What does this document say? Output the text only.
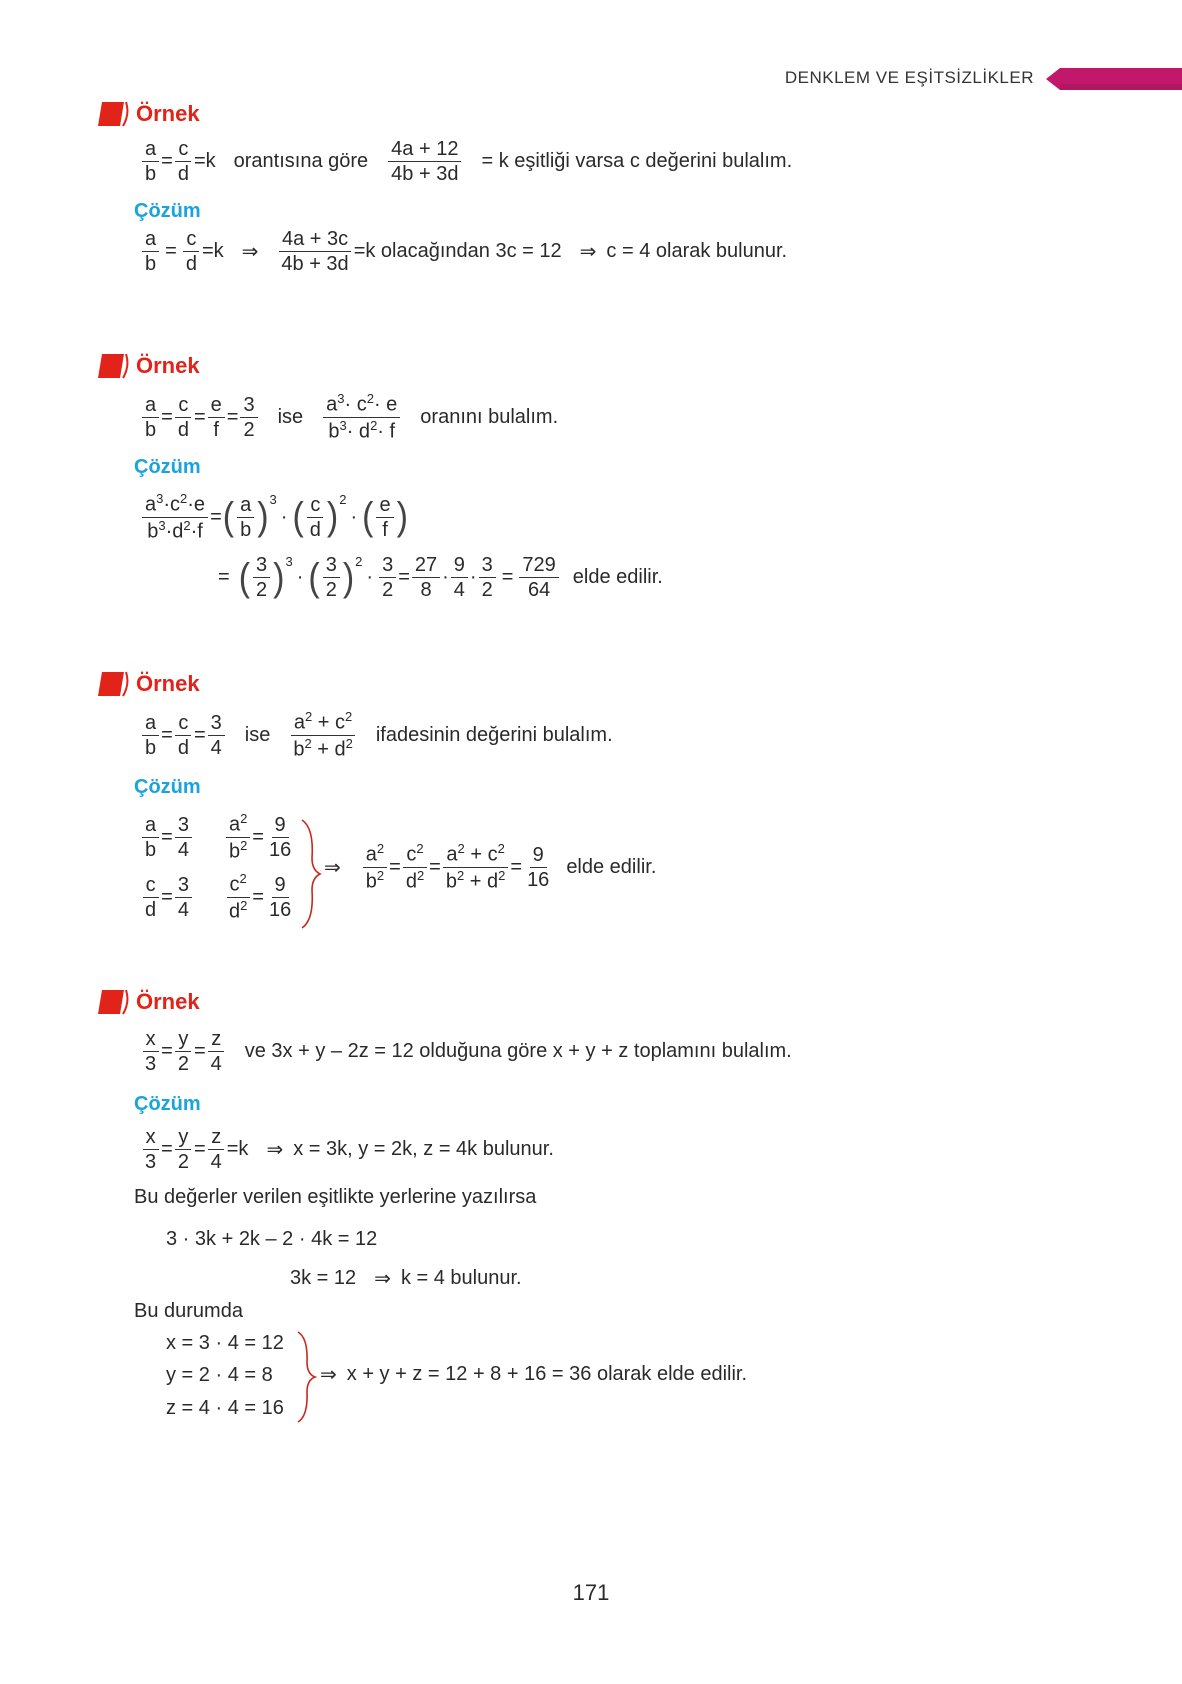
DENKLEM VE EŞİTSİZLİKLER
Örnek
$\frac{a}{b} = \frac{c}{d} =k$ orantısına göre $\frac{4a + 12}{4b + 3d} = k$ eşitliği varsa c değerini bulalım.
Çözüm
$\frac{a}{b} = \frac{c}{d} =k$ ⇒ $\frac{4a + 3c}{4b + 3d} =k$ olacağından 3c = 12 ⇒ c = 4 olarak bulunur.
Örnek
$\frac{a}{b} = \frac{c}{d} = \frac{e}{f} = \frac{3}{2}$ ise $\frac{a^3\cdot c^2\cdot e}{b^3\cdot d^2\cdot f}$ oranını bulalım.
Çözüm
$\frac{a^3\cdot c^2\cdot e}{b^3\cdot d^2\cdot f}$ = ( $\frac{a}{b} )^3$
· ( $\frac{c}{d} )^2$
· ( $\frac{e}{f}$ )
= ( $\frac{3}{2} )^3$
· ( $\frac{3}{2} )^2$
· $\frac{3}{2} = \frac{27}{8} \cdot \frac{9}{4} \cdot \frac{3}{2} = \frac{729}{64}$ elde edilir.
Örnek
$\frac{a}{b} = \frac{c}{d} = \frac{3}{4}$ ise $\frac{a^2 + c^2}{b^2 + d^2}$ ifadesinin değerini bulalım.
Çözüm
$\frac{a}{b} = \frac{3}{4} \frac{a^2}{b^2} = \frac{9}{16}$
$\frac{c}{d} = \frac{3}{4} \frac{c^2}{d^2} = \frac{9}{16}$
⇒ $\frac{a^2}{b^2} = \frac{c^2}{d^2} = \frac{a^2 + c^2}{b^2 + d^2} = \frac{9}{16}$ elde edilir.
Örnek
$\frac{x}{3} = \frac{y}{2} = \frac{z}{4}$ ve 3x + y – 2z = 12 olduğuna göre x + y + z toplamını bulalım.
Çözüm
$\frac{x}{3} = \frac{y}{2} = \frac{z}{4} =k$ ⇒ x = 3k, y = 2k, z = 4k bulunur.
Bu değerler verilen eşitlikte yerlerine yazılırsa
3 · 3k + 2k – 2 · 4k = 12
3k = 12 ⇒ k = 4 bulunur.
Bu durumda
x = 3 · 4 = 12
y = 2 · 4 = 8
z = 4 · 4 = 16
⇒ x + y + z = 12 + 8 + 16 = 36 olarak elde edilir.
171
